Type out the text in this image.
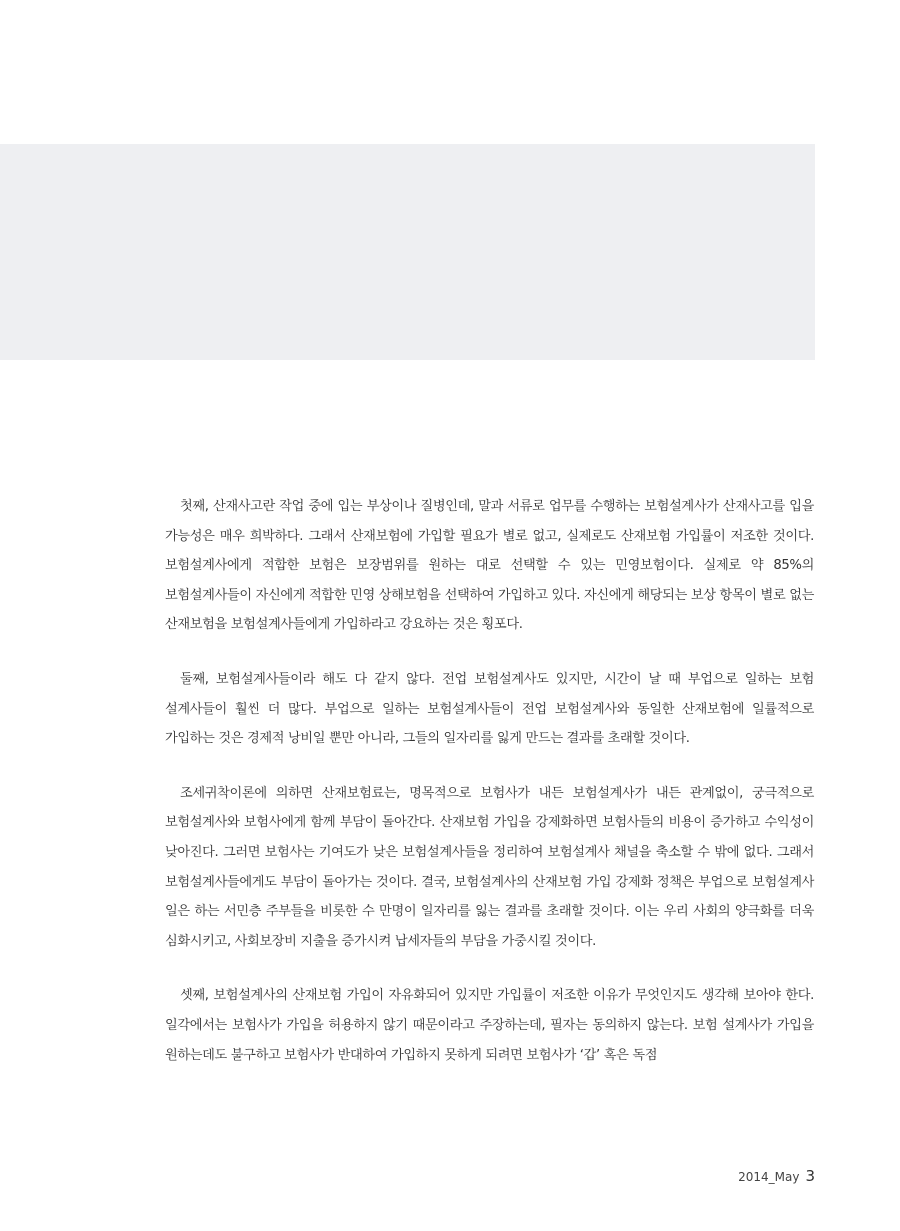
첫째, 산재사고란 작업 중에 입는 부상이나 질병인데, 말과 서류로 업무를 수행하는 보험설계사가 산재사고를 입을 가능성은 매우 희박하다. 그래서 산재보험에 가입할 필요가 별로 없고, 실제로도 산재보험 가입률이 저조한 것이다. 보험설계사에게 적합한 보험은 보장범위를 원하는 대로 선택할 수 있는 민영보험이다. 실제로 약 85%의 보험설계사들이 자신에게 적합한 민영 상해보험을 선택하여 가입하고 있다. 자신에게 해당되는 보상 항목이 별로 없는 산재보험을 보험설계사들에게 가입하라고 강요하는 것은 횡포다.

둘째, 보험설계사들이라 해도 다 같지 않다. 전업 보험설계사도 있지만, 시간이 날 때 부업으로 일하는 보험 설계사들이 훨씬 더 많다. 부업으로 일하는 보험설계사들이 전업 보험설계사와 동일한 산재보험에 일률적으로 가입하는 것은 경제적 낭비일 뿐만 아니라, 그들의 일자리를 잃게 만드는 결과를 초래할 것이다.

조세귀착이론에 의하면 산재보험료는, 명목적으로 보험사가 내든 보험설계사가 내든 관계없이, 궁극적으로 보험설계사와 보험사에게 함께 부담이 돌아간다. 산재보험 가입을 강제화하면 보험사들의 비용이 증가하고 수익성이 낮아진다. 그러면 보험사는 기여도가 낮은 보험설계사들을 정리하여 보험설계사 채널을 축소할 수 밖에 없다. 그래서 보험설계사들에게도 부담이 돌아가는 것이다. 결국, 보험설계사의 산재보험 가입 강제화 정책은 부업으로 보험설계사 일은 하는 서민층 주부들을 비롯한 수 만명이 일자리를 잃는 결과를 초래할 것이다. 이는 우리 사회의 양극화를 더욱 심화시키고, 사회보장비 지출을 증가시켜 납세자들의 부담을 가중시킬 것이다.

셋째, 보험설계사의 산재보험 가입이 자유화되어 있지만 가입률이 저조한 이유가 무엇인지도 생각해 보아야 한다. 일각에서는 보험사가 가입을 허용하지 않기 때문이라고 주장하는데, 필자는 동의하지 않는다. 보험 설계사가 가입을 원하는데도 불구하고 보험사가 반대하여 가입하지 못하게 되려면 보험사가 ‘갑’ 혹은 독점

2014_May 3
